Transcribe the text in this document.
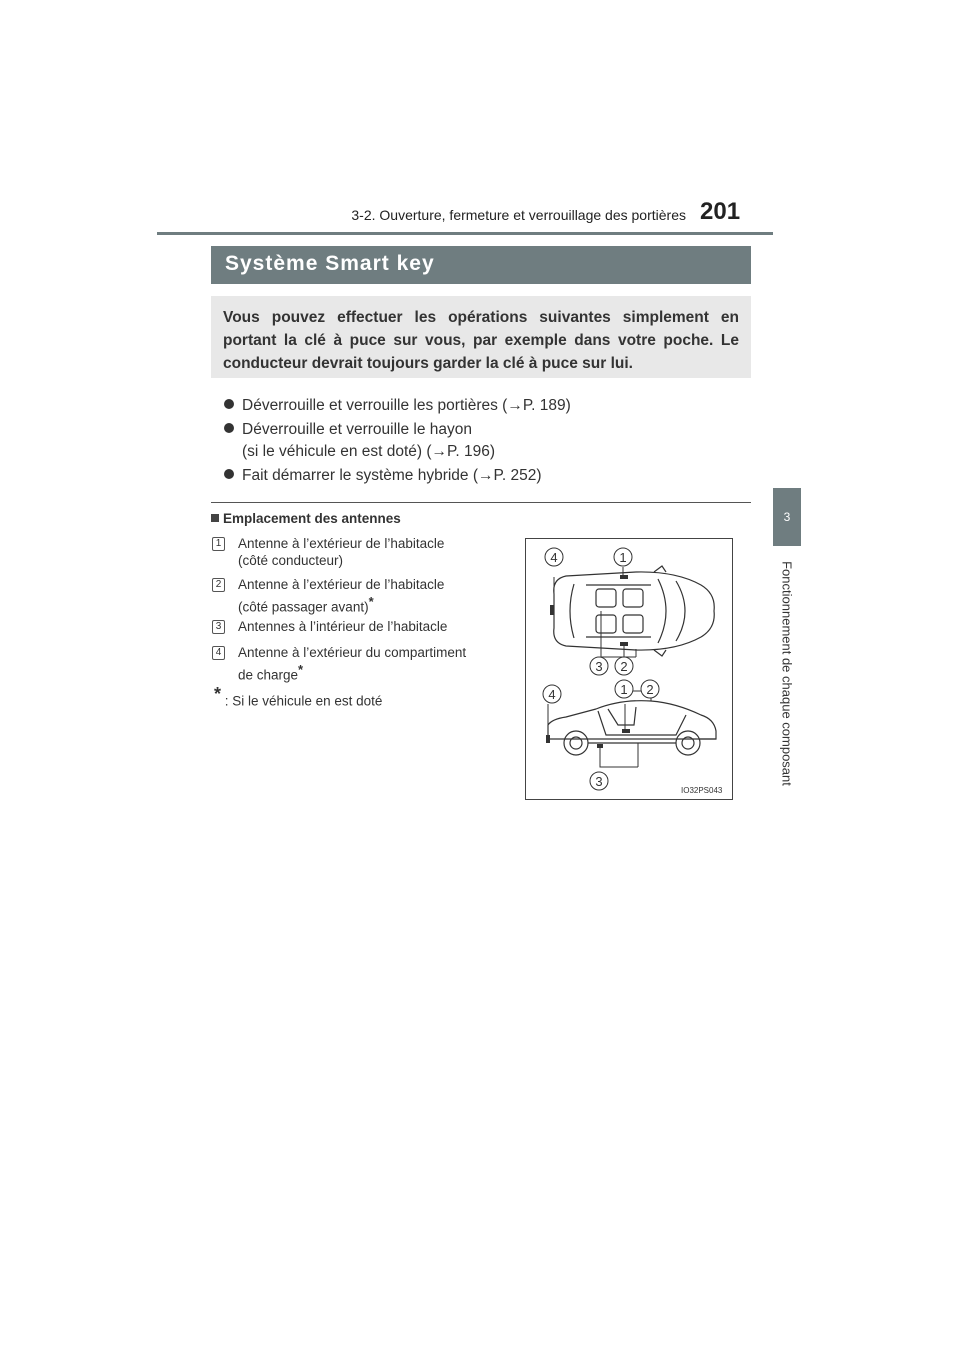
3-2. Ouverture, fermeture et verrouillage des portières 201
3
Fonctionnement de chaque composant
Système Smart key

Vous pouvez effectuer les opérations suivantes simplement en portant la clé à puce sur vous, par exemple dans votre poche. Le conducteur devrait toujours garder la clé à puce sur lui.

Déverrouille et verrouille les portières (→P. 189)
Déverrouille et verrouille le hayon
(si le véhicule en est doté) (→P. 196)
Fait démarrer le système hybride (→P. 252)
Emplacement des antennes
1 Antenne à l’extérieur de l’habitacle
(côté conducteur)
2 Antenne à l’extérieur de l’habitacle
(côté passager avant)*
3 Antennes à l’intérieur de l’habitacle
4 Antenne à l’extérieur du compartiment
de charge*
* : Si le véhicule en est doté
4	1
3 2
4	1 2
3
IO32PS043
